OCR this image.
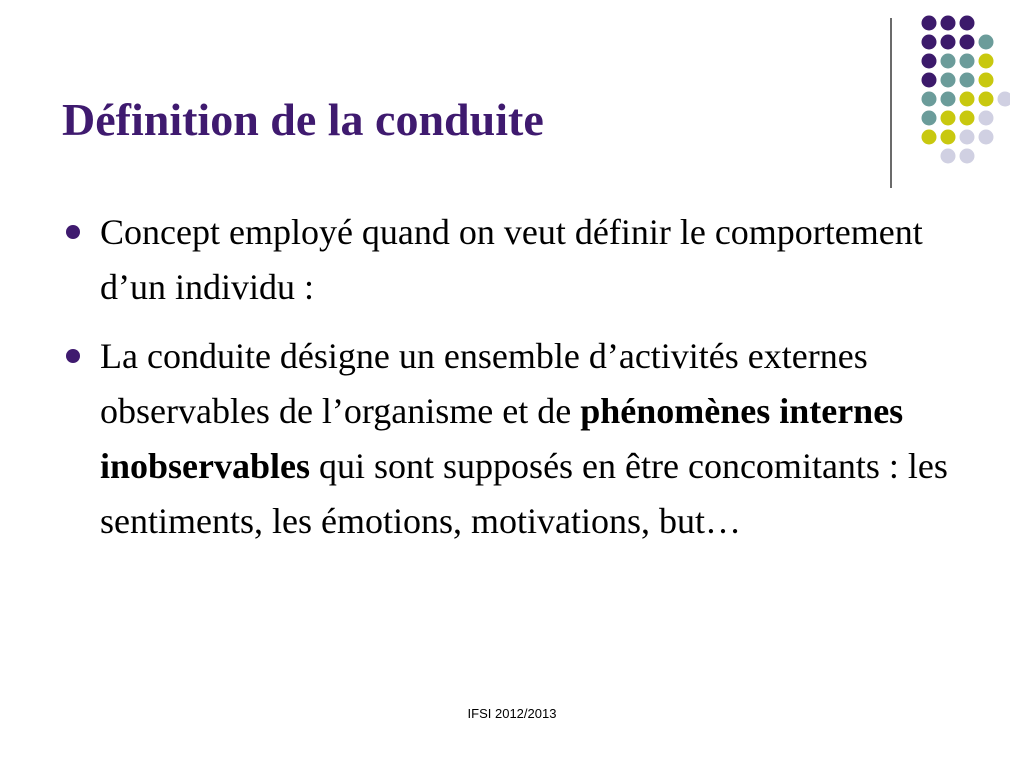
Définition de la conduite
Concept employé quand on veut définir le comportement d’un individu :
La conduite désigne un ensemble d’activités externes observables de l’organisme et de phénomènes internes inobservables qui sont supposés en être concomitants : les sentiments, les émotions, motivations, but…
IFSI 2012/2013
